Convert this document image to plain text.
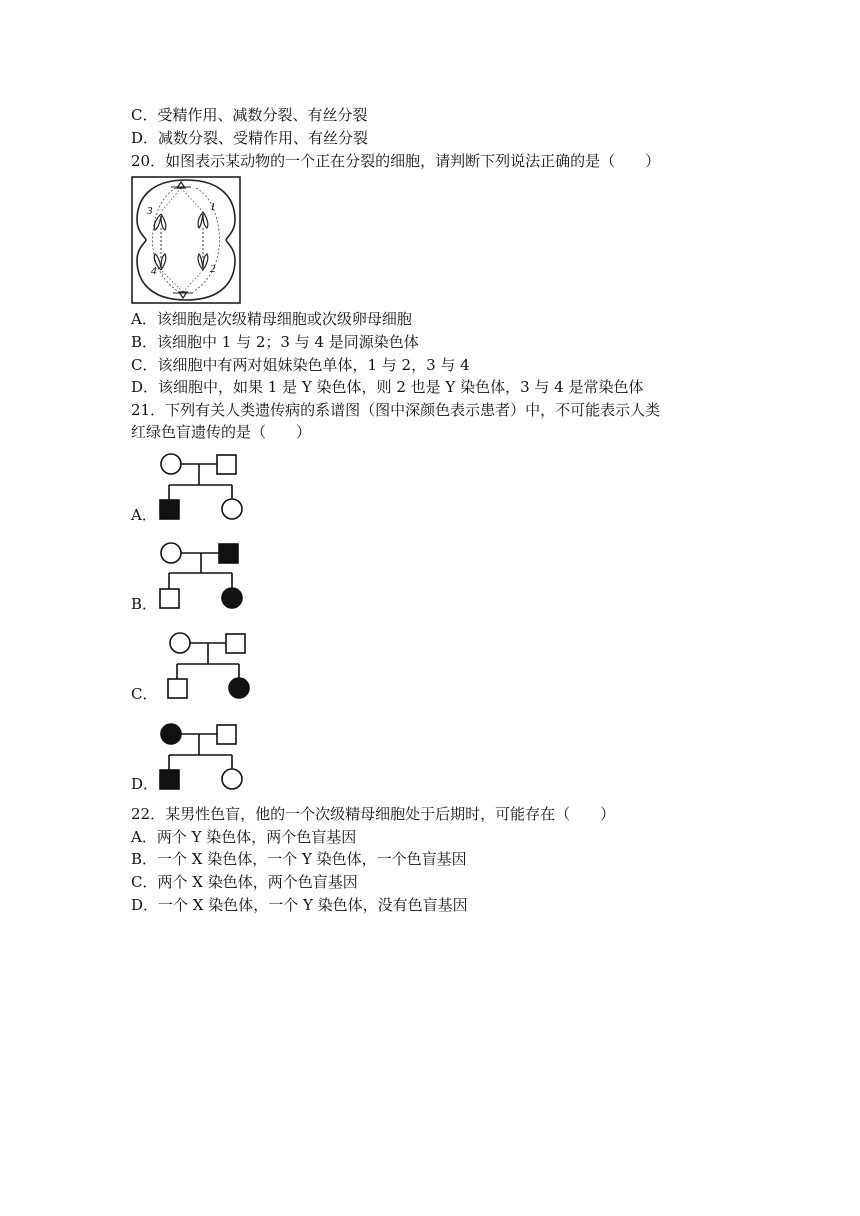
C．受精作用、减数分裂、有丝分裂
D．减数分裂、受精作用、有丝分裂
20．如图表示某动物的一个正在分裂的细胞，请判断下列说法正确的是（　　）
3	1
4	2
A．该细胞是次级精母细胞或次级卵母细胞
B．该细胞中 1 与 2；3 与 4 是同源染色体
C．该细胞中有两对姐妹染色单体，1 与 2，3 与 4
D．该细胞中，如果 1 是 Y 染色体，则 2 也是 Y 染色体，3 与 4 是常染色体
21．下列有关人类遗传病的系谱图（图中深颜色表示患者）中，不可能表示人类
红绿色盲遗传的是（　　）
A．
B．
C．
D．
22．某男性色盲，他的一个次级精母细胞处于后期时，可能存在（　　）
A．两个 Y 染色体，两个色盲基因
B．一个 X 染色体，一个 Y 染色体，一个色盲基因
C．两个 X 染色体，两个色盲基因
D．一个 X 染色体，一个 Y 染色体，没有色盲基因
